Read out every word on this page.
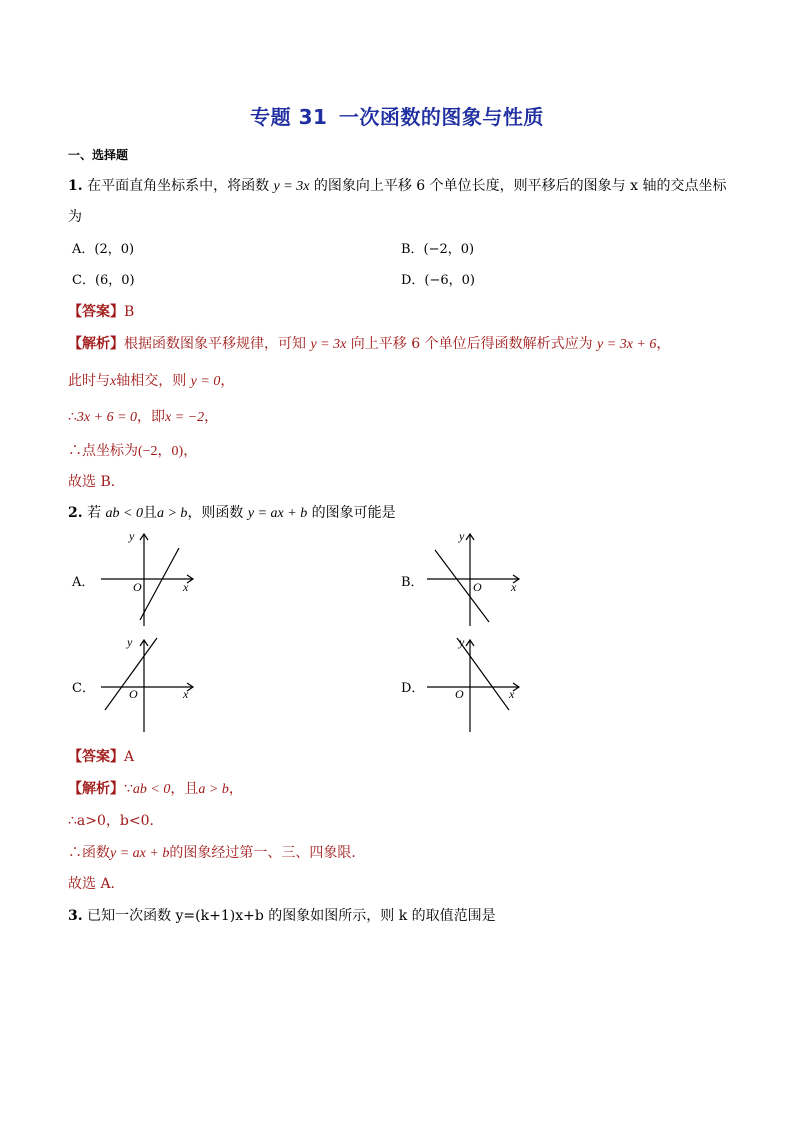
专题 31 一次函数的图象与性质
一、选择题
1. 在平面直角坐标系中，将函数 y = 3x 的图象向上平移 6 个单位长度，则平移后的图象与 x 轴的交点坐标
为
A．(2，0)	B．(−2，0)
C．(6，0)	D．(−6，0)
【答案】B
【解析】根据函数图象平移规律，可知 y = 3x 向上平移 6 个单位后得函数解析式应为 y = 3x + 6，
此时与x轴相交，则 y = 0，
∴3x + 6 = 0，即x = −2，
∴点坐标为(−2，0)，
故选 B．
2. 若 ab < 0且a > b，则函数 y = ax + b 的图象可能是
A．	B．
C．	D．
y
O	x
y
O x
y
O	x
y
O	x
【答案】A
【解析】∵ab < 0，且a > b，
∴a>0，b<0．
∴函数y = ax + b的图象经过第一、三、四象限．
故选 A．
3. 已知一次函数 y=(k+1)x+b 的图象如图所示，则 k 的取值范围是
